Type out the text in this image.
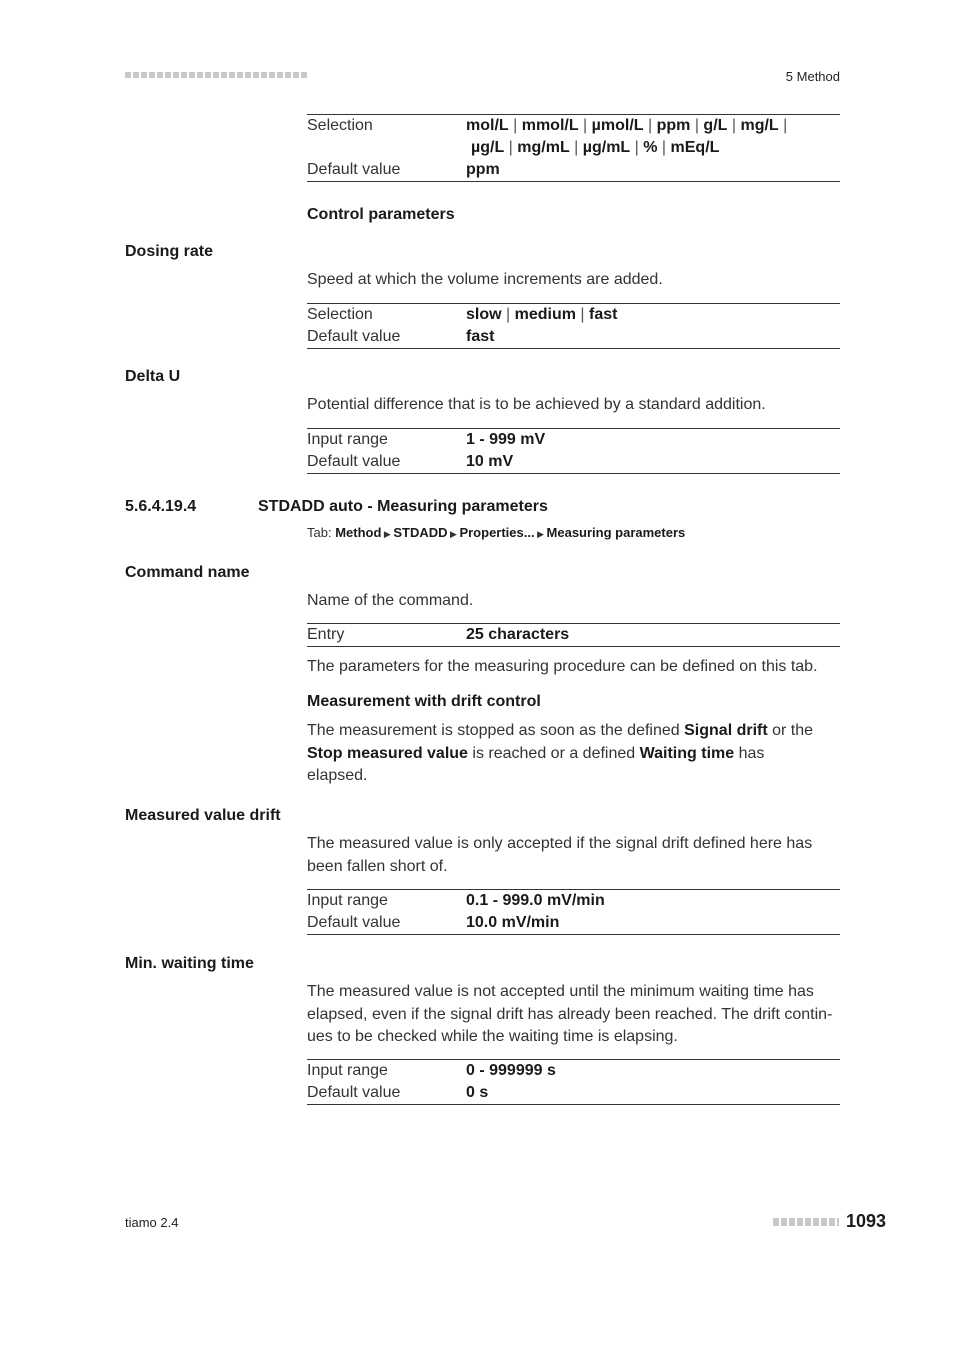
5 Method
Selection	mol/L | mmol/L | µmol/L | ppm | g/L | mg/L |
µg/L | mg/mL | µg/mL | % | mEq/L
Default value	ppm
Control parameters
Dosing rate
Speed at which the volume increments are added.
Selection	slow | medium | fast
Default value	fast
Delta U
Potential difference that is to be achieved by a standard addition.
Input range	1 - 999 mV
Default value	10 mV
5.6.4.19.4	STDADD auto - Measuring parameters
Tab: Method ▶ STDADD ▶ Properties... ▶ Measuring parameters
Command name
Name of the command.
Entry	25 characters
The parameters for the measuring procedure can be defined on this tab.
Measurement with drift control
The measurement is stopped as soon as the defined Signal drift or the
Stop measured value is reached or a defined Waiting time has
elapsed.
Measured value drift
The measured value is only accepted if the signal drift defined here has
been fallen short of.
Input range	0.1 - 999.0 mV/min
Default value	10.0 mV/min
Min. waiting time
The measured value is not accepted until the minimum waiting time has
elapsed, even if the signal drift has already been reached. The drift contin-
ues to be checked while the waiting time is elapsing.
Input range	0 - 999999 s
Default value	0 s
tiamo 2.4	1093
